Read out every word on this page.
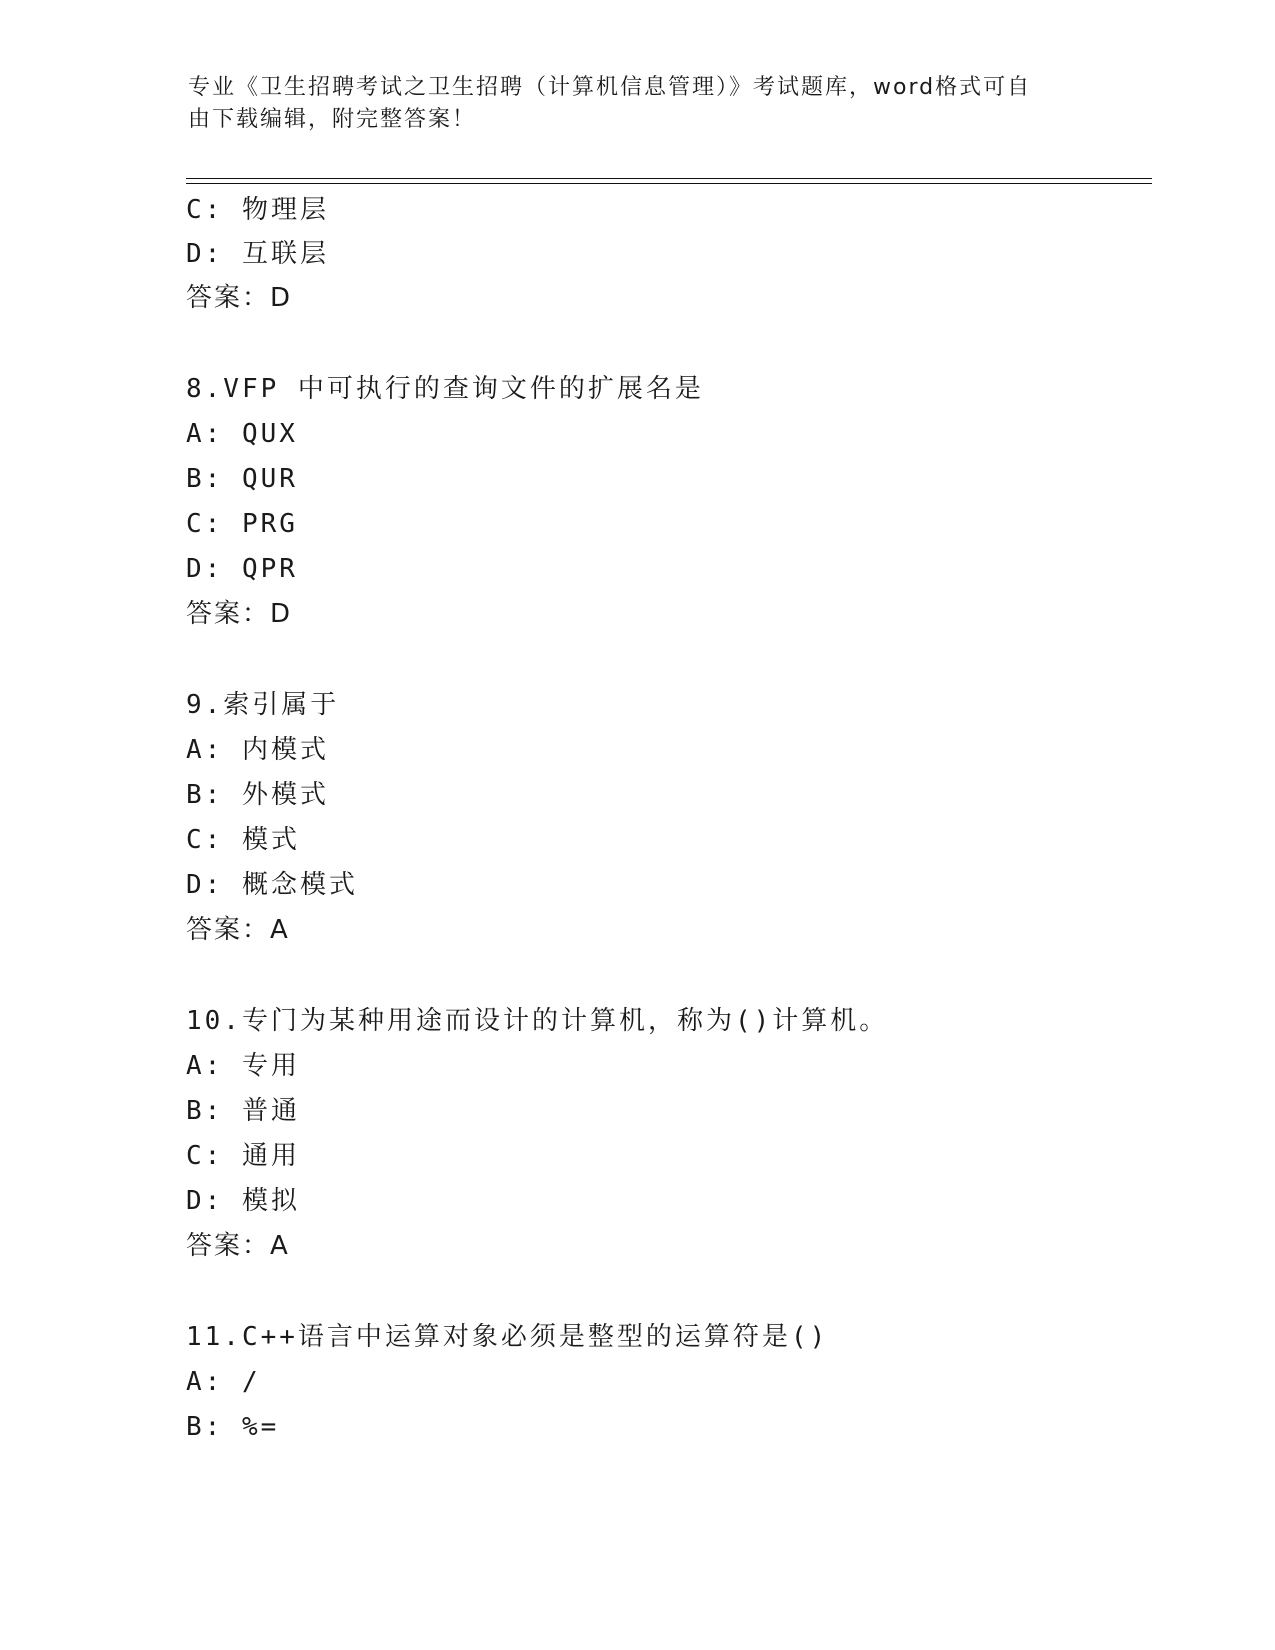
专业《卫生招聘考试之卫生招聘（计算机信息管理）》考试题库，word格式可自
由下载编辑，附完整答案！
C: 物理层
D: 互联层
答案：D
8.VFP 中可执行的查询文件的扩展名是
A: QUX
B: QUR
C: PRG
D: QPR
答案：D
9.索引属于
A: 内模式
B: 外模式
C: 模式
D: 概念模式
答案：A
10.专门为某种用途而设计的计算机，称为()计算机。
A: 专用
B: 普通
C: 通用
D: 模拟
答案：A
11.C++语言中运算对象必须是整型的运算符是()
A: /
B: %=
